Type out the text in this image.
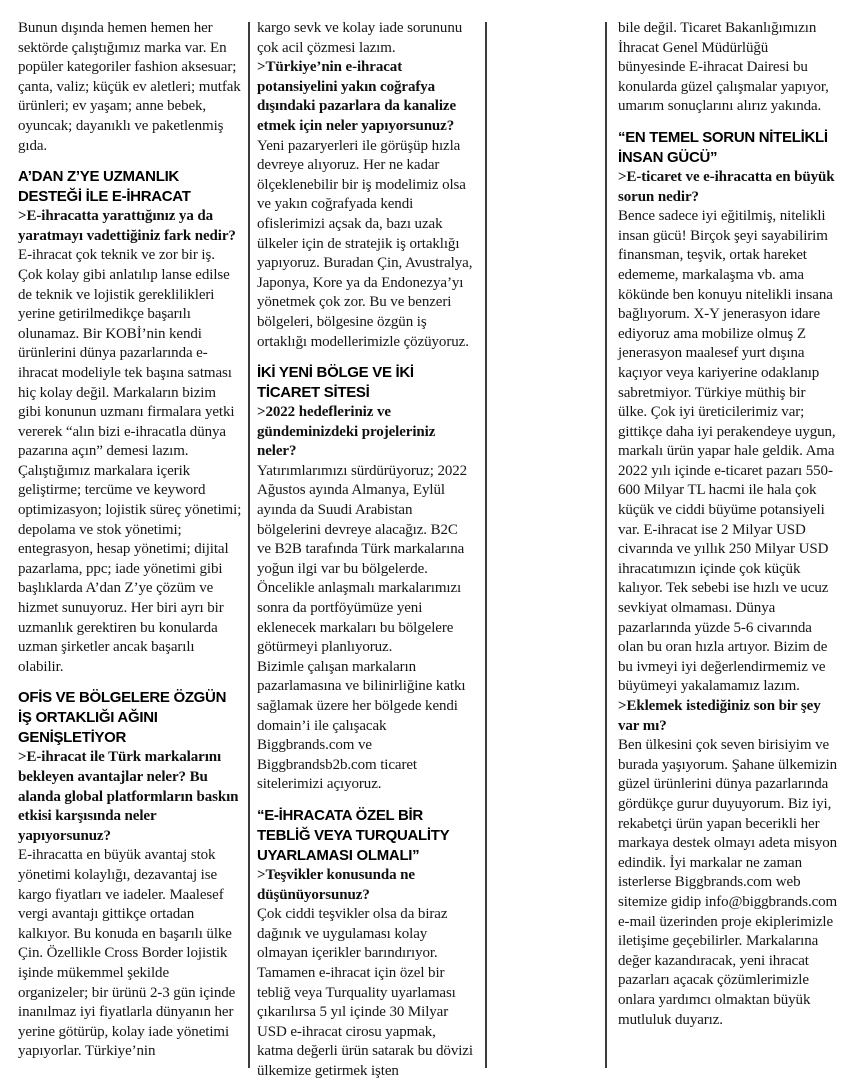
Bunun dışında hemen hemen her sektörde çalıştığımız marka var. En popüler kategoriler fashion aksesuar; çanta, valiz; küçük ev aletleri; mutfak ürünleri; ev yaşam; anne bebek, oyuncak; dayanıklı ve paketlenmiş gıda.

A’DAN Z’YE UZMANLIK DESTEĞİ İLE E-İHRACAT

>E-ihracatta yarattığınız ya da yaratmayı vadettiğiniz fark nedir?

E-ihracat çok teknik ve zor bir iş. Çok kolay gibi anlatılıp lanse edilse de teknik ve lojistik gereklilikleri yerine getirilmedikçe başarılı olunamaz. Bir KOBİ’nin kendi ürünlerini dünya pazarlarında e-ihracat modeliyle tek başına satması hiç kolay değil. Markaların bizim gibi konunun uzmanı firmalara yetki vererek “alın bizi e-ihracatla dünya pazarına açın” demesi lazım. Çalıştığımız markalara içerik geliştirme; tercüme ve keyword optimizasyon; lojistik süreç yönetimi; depolama ve stok yönetimi; entegrasyon, hesap yönetimi; dijital pazarlama, ppc; iade yönetimi gibi başlıklarda A’dan Z’ye çözüm ve hizmet sunuyoruz. Her biri ayrı bir uzmanlık gerektiren bu konularda uzman şirketler ancak başarılı olabilir.

OFİS VE BÖLGELERE ÖZGÜN İŞ ORTAKLIĞI AĞINI GENİŞLETİYOR

>E-ihracat ile Türk markalarını bekleyen avantajlar neler? Bu alanda global platformların baskın etkisi karşısında neler yapıyorsunuz?

E-ihracatta en büyük avantaj stok yönetimi kolaylığı, dezavantaj ise kargo fiyatları ve iadeler. Maalesef vergi avantajı gittikçe ortadan kalkıyor. Bu konuda en başarılı ülke Çin. Özellikle Cross Border lojistik işinde mükemmel şekilde organizeler; bir ürünü 2-3 gün içinde inanılmaz iyi fiyatlarla dünyanın her yerine götürüp, kolay iade yönetimi yapıyorlar. Türkiye’nin

kargo sevk ve kolay iade sorununu çok acil çözmesi lazım.

>Türkiye’nin e-ihracat potansiyelini yakın coğrafya dışındaki pazarlara da kanalize etmek için neler yapıyorsunuz?

Yeni pazaryerleri ile görüşüp hızla devreye alıyoruz. Her ne kadar ölçeklenebilir bir iş modelimiz olsa ve yakın coğrafyada kendi ofislerimizi açsak da, bazı uzak ülkeler için de stratejik iş ortaklığı yapıyoruz. Buradan Çin, Avustralya, Japonya, Kore ya da Endonezya’yı yönetmek çok zor. Bu ve benzeri bölgeleri, bölgesine özgün iş ortaklığı modellerimizle çözüyoruz.

İKİ YENİ BÖLGE VE İKİ TİCARET SİTESİ

>2022 hedefleriniz ve gündeminizdeki projeleriniz neler?

Yatırımlarımızı sürdürüyoruz; 2022 Ağustos ayında Almanya, Eylül ayında da Suudi Arabistan bölgelerini devreye alacağız. B2C ve B2B tarafında Türk markalarına yoğun ilgi var bu bölgelerde. Öncelikle anlaşmalı markalarımızı sonra da portföyümüze yeni eklenecek markaları bu bölgelere götürmeyi planlıyoruz.

Bizimle çalışan markaların pazarlamasına ve bilinirliğine katkı sağlamak üzere her bölgede kendi domain’i ile çalışacak Biggbrands.com ve Biggbrandsb2b.com ticaret sitelerimizi açıyoruz.

“E-İHRACATA ÖZEL BİR TEBLİĞ VEYA TURQUALİTY UYARLAMASI OLMALI”

>Teşvikler konusunda ne düşünüyorsunuz?

Çok ciddi teşvikler olsa da biraz dağınık ve uygulaması kolay olmayan içerikler barındırıyor. Tamamen e-ihracat için özel bir tebliğ veya Turquality uyarlaması çıkarılırsa 5 yıl içinde 30 Milyar USD e-ihracat cirosu yapmak, katma değerli ürün satarak bu dövizi ülkemize getirmek işten

bile değil. Ticaret Bakanlığımızın İhracat Genel Müdürlüğü bünyesinde E-ihracat Dairesi bu konularda güzel çalışmalar yapıyor, umarım sonuçlarını alırız yakında.

“EN TEMEL SORUN NİTELİKLİ İNSAN GÜCÜ”

>E-ticaret ve e-ihracatta en büyük sorun nedir?

Bence sadece iyi eğitilmiş, nitelikli insan gücü! Birçok şeyi sayabilirim finansman, teşvik, ortak hareket edememe, markalaşma vb. ama kökünde ben konuyu nitelikli insana bağlıyorum. X-Y jenerasyon idare ediyoruz ama mobilize olmuş Z jenerasyon maalesef yurt dışına kaçıyor veya kariyerine odaklanıp sabretmiyor. Türkiye müthiş bir ülke. Çok iyi üreticilerimiz var; gittikçe daha iyi perakendeye uygun, markalı ürün yapar hale geldik. Ama 2022 yılı içinde e-ticaret pazarı 550-600 Milyar TL hacmi ile hala çok küçük ve ciddi büyüme potansiyeli var. E-ihracat ise 2 Milyar USD civarında ve yıllık 250 Milyar USD ihracatımızın içinde çok küçük kalıyor. Tek sebebi ise hızlı ve ucuz sevkiyat olmaması. Dünya pazarlarında yüzde 5-6 civarında olan bu oran hızla artıyor. Bizim de bu ivmeyi iyi değerlendirmemiz ve büyümeyi yakalamamız lazım.

>Eklemek istediğiniz son bir şey var mı?

Ben ülkesini çok seven birisiyim ve burada yaşıyorum. Şahane ülkemizin güzel ürünlerini dünya pazarlarında gördükçe gurur duyuyorum. Biz iyi, rekabetçi ürün yapan becerikli her markaya destek olmayı adeta misyon edindik. İyi markalar ne zaman isterlerse Biggbrands.com web sitemize gidip info@biggbrands.com e-mail üzerinden proje ekiplerimizle iletişime geçebilirler. Markalarına değer kazandıracak, yeni ihracat pazarları açacak çözümlerimizle onlara yardımcı olmaktan büyük mutluluk duyarız.
